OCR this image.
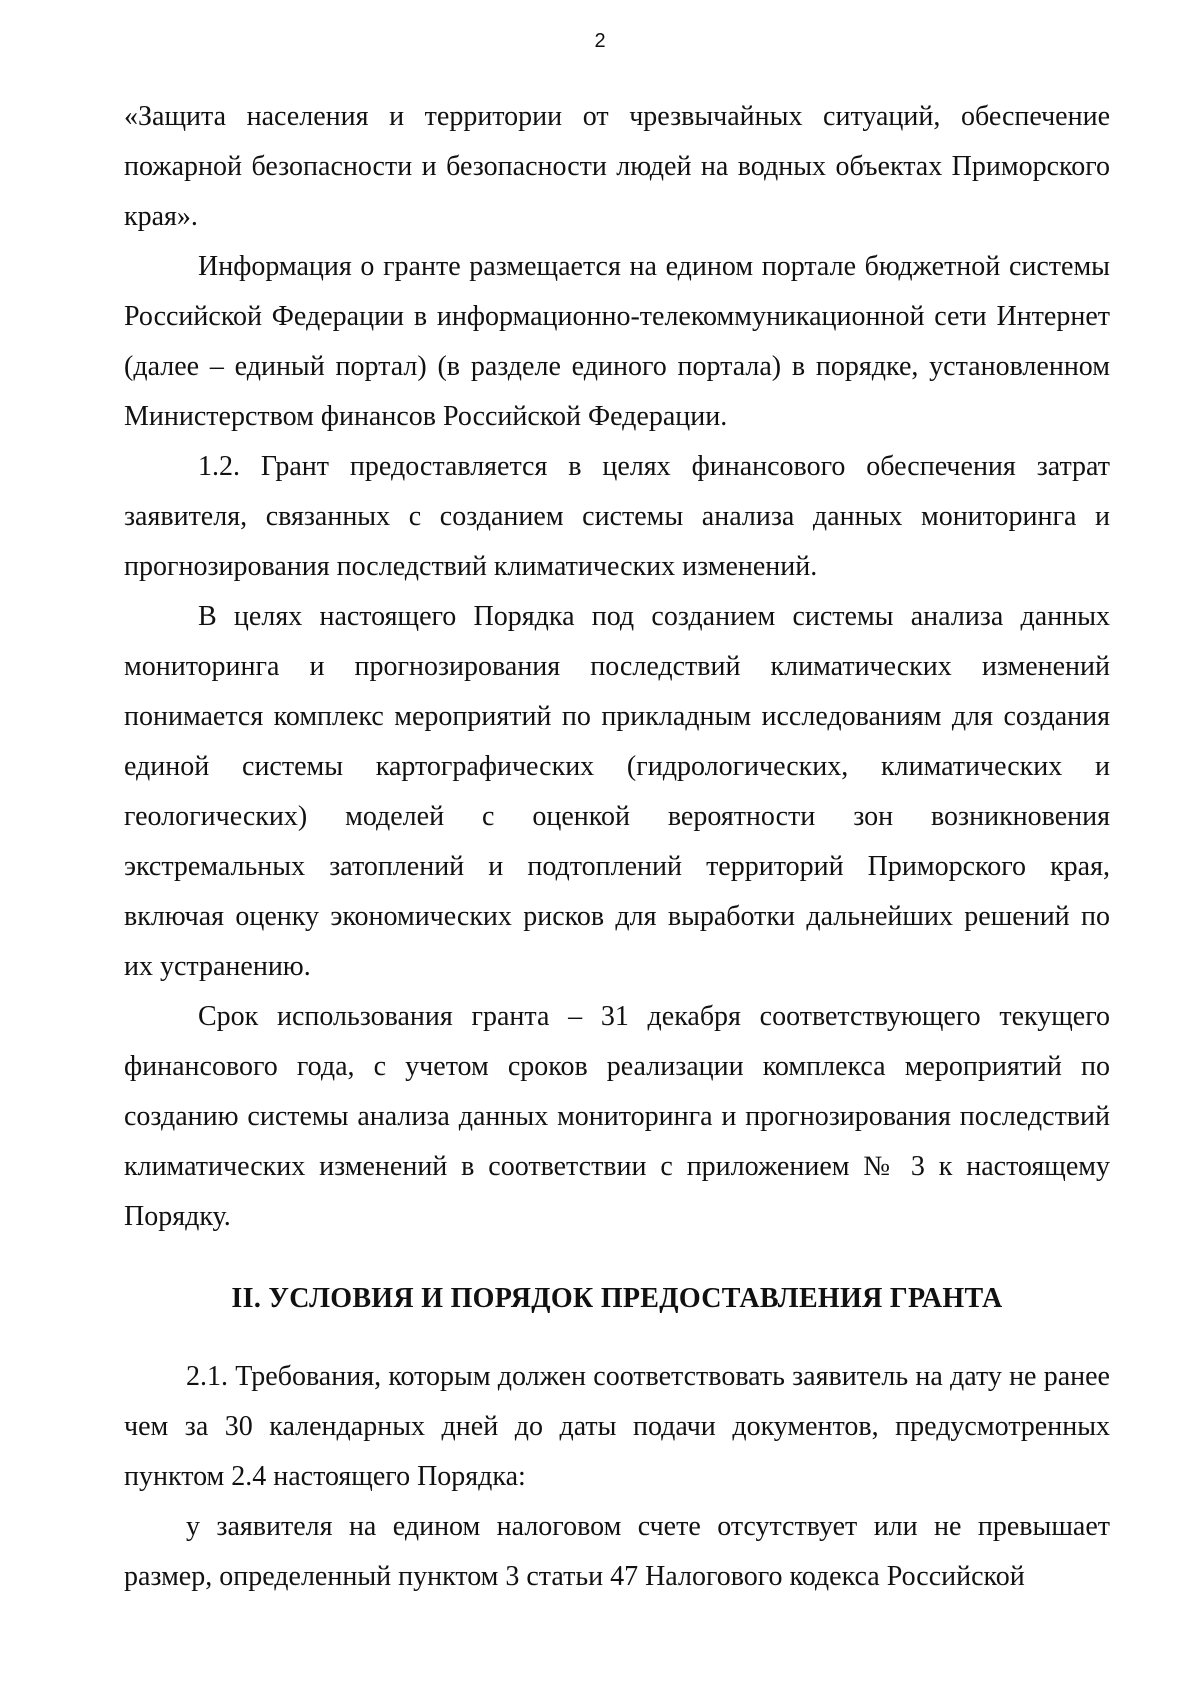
2

«Защита населения и территории от чрезвычайных ситуаций, обеспечение пожарной безопасности и безопасности людей на водных объектах Приморского края».

Информация о гранте размещается на едином портале бюджетной системы Российской Федерации в информационно-телекоммуникационной сети Интернет (далее – единый портал) (в разделе единого портала) в порядке, установленном Министерством финансов Российской Федерации.

1.2. Грант предоставляется в целях финансового обеспечения затрат заявителя, связанных с созданием системы анализа данных мониторинга и прогнозирования последствий климатических изменений.

В целях настоящего Порядка под созданием системы анализа данных мониторинга и прогнозирования последствий климатических изменений понимается комплекс мероприятий по прикладным исследованиям для создания единой системы картографических (гидрологических, климатических и геологических) моделей с оценкой вероятности зон возникновения экстремальных затоплений и подтоплений территорий Приморского края, включая оценку экономических рисков для выработки дальнейших решений по их устранению.

Срок использования гранта – 31 декабря соответствующего текущего финансового года, с учетом сроков реализации комплекса мероприятий по созданию системы анализа данных мониторинга и прогнозирования последствий климатических изменений в соответствии с приложением № 3 к настоящему Порядку.

II. УСЛОВИЯ И ПОРЯДОК ПРЕДОСТАВЛЕНИЯ ГРАНТА

2.1. Требования, которым должен соответствовать заявитель на дату не ранее чем за 30 календарных дней до даты подачи документов, предусмотренных пунктом 2.4 настоящего Порядка:

у заявителя на едином налоговом счете отсутствует или не превышает размер, определенный пунктом 3 статьи 47 Налогового кодекса Российской
